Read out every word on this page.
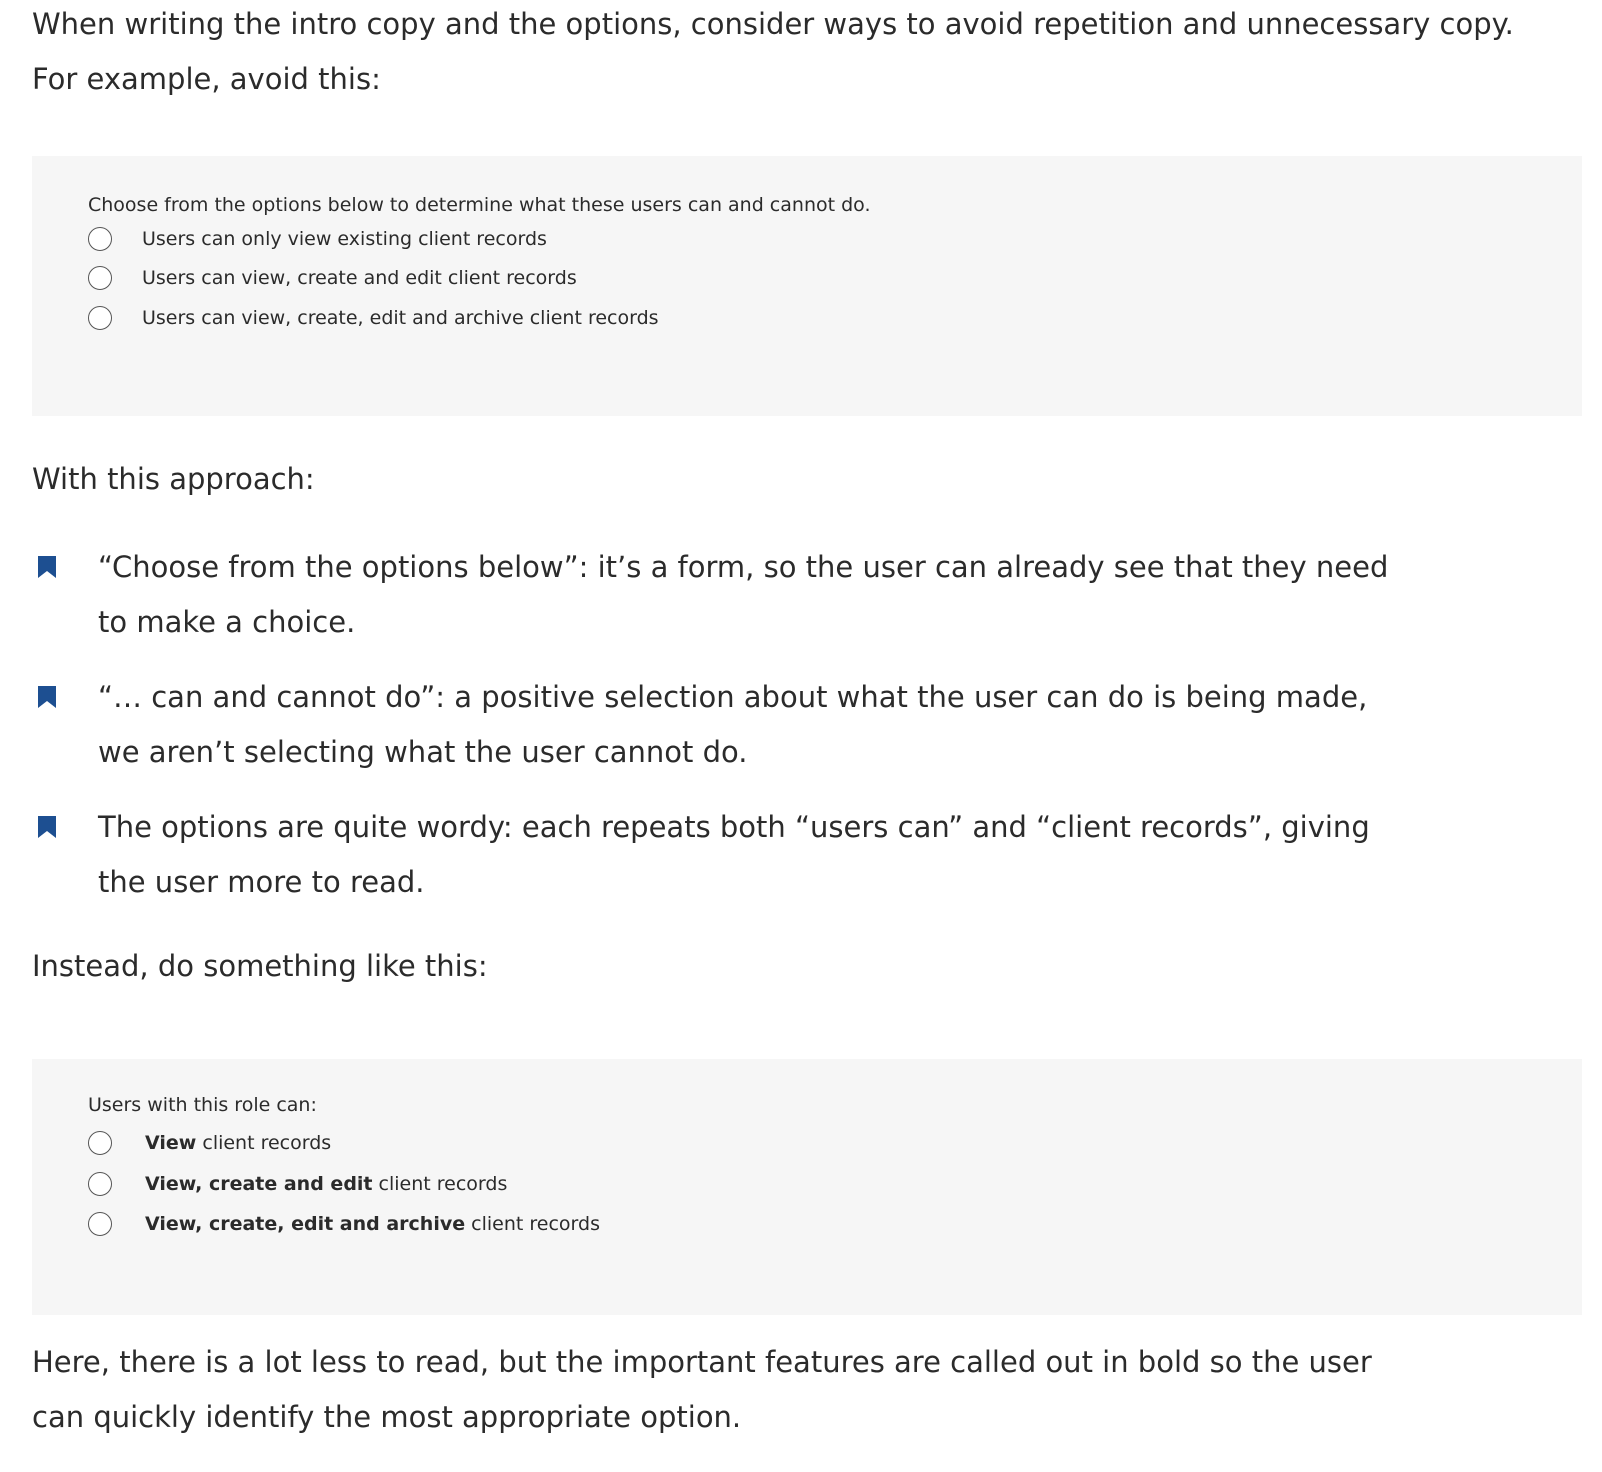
When writing the intro copy and the options, consider ways to avoid repetition and unnecessary copy. For example, avoid this:

Choose from the options below to determine what these users can and cannot do.
Users can only view existing client records
Users can view, create and edit client records
Users can view, create, edit and archive client records

With this approach:

“Choose from the options below”: it’s a form, so the user can already see that they need to make a choice.
“… can and cannot do”: a positive selection about what the user can do is being made, we aren’t selecting what the user cannot do.
The options are quite wordy: each repeats both “users can” and “client records”, giving the user more to read.

Instead, do something like this:

Users with this role can:
View client records
View, create and edit client records
View, create, edit and archive client records

Here, there is a lot less to read, but the important features are called out in bold so the user can quickly identify the most appropriate option.
